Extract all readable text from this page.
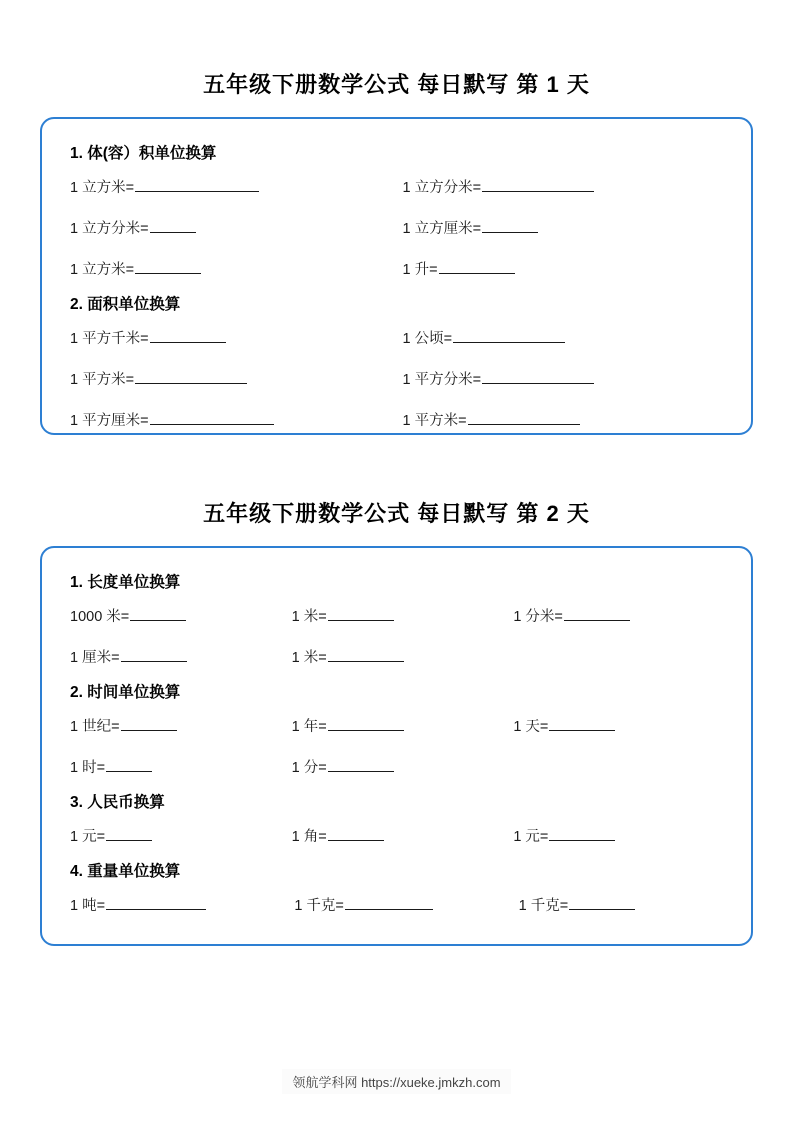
五年级下册数学公式 每日默写 第 1 天
1. 体(容）积单位换算
1 立方米=	1 立方分米=
1 立方分米=	1 立方厘米=
1 立方米=	1 升=
2. 面积单位换算
1 平方千米=	1 公顷=
1 平方米=	1 平方分米=
1 平方厘米=	1 平方米=
五年级下册数学公式 每日默写 第 2 天
1. 长度单位换算
1000 米=	1 米=	1 分米=
1 厘米=	1 米=
2. 时间单位换算
1 世纪=	1 年=	1 天=
1 时=	1 分=
3. 人民币换算
1 元=	1 角=	1 元=
4. 重量单位换算
1 吨=	1 千克=	1 千克=
领航学科网 https://xueke.jmkzh.com
